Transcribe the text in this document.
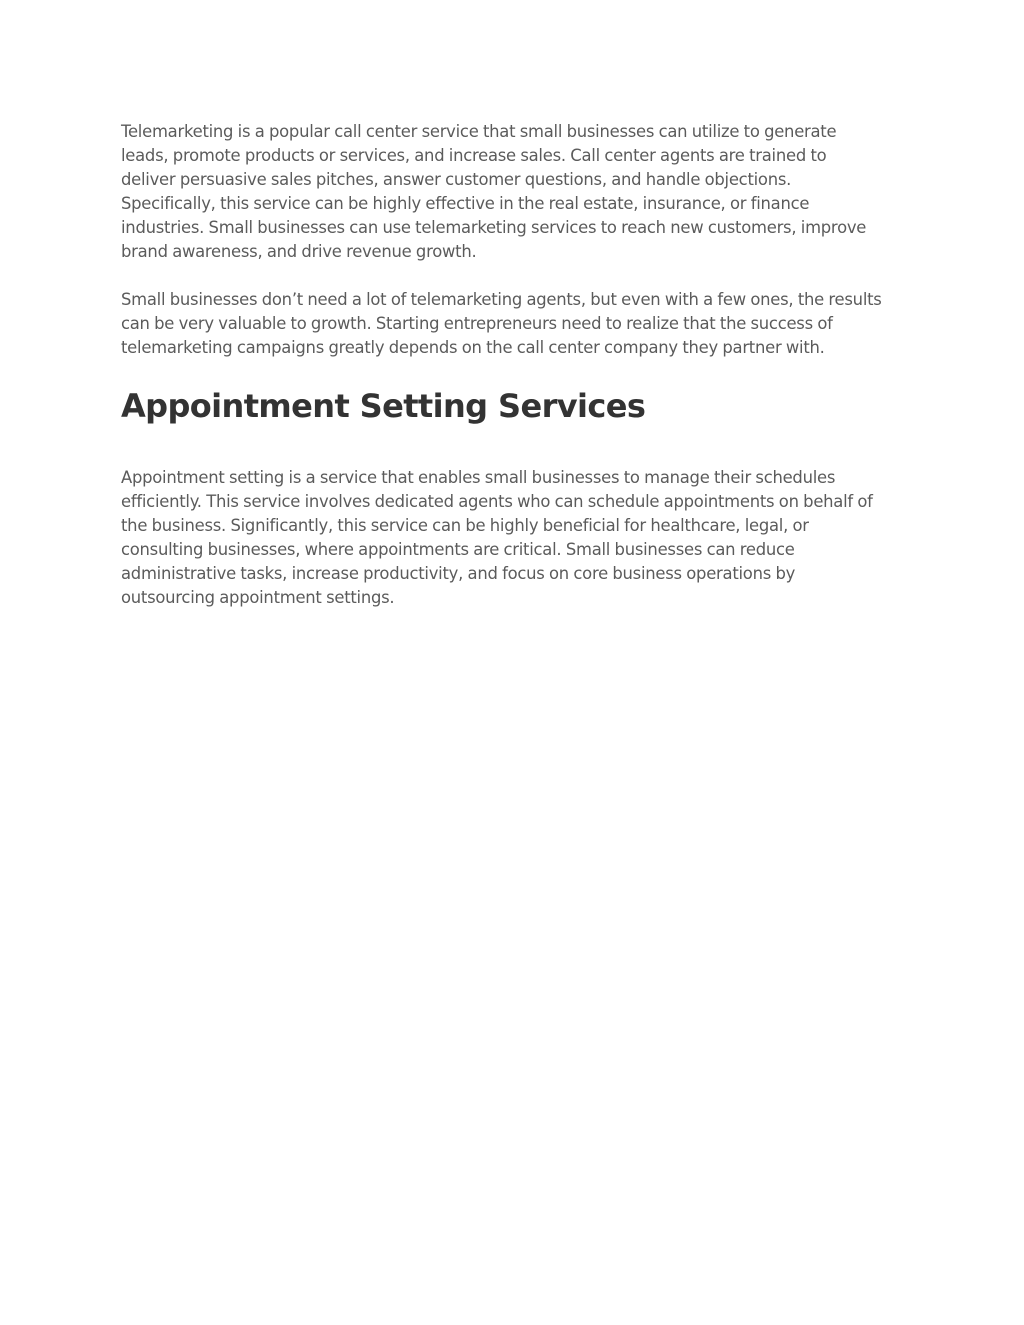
Telemarketing is a popular call center service that small businesses can utilize to generate
leads, promote products or services, and increase sales. Call center agents are trained to
deliver persuasive sales pitches, answer customer questions, and handle objections.
Specifically, this service can be highly effective in the real estate, insurance, or finance
industries. Small businesses can use telemarketing services to reach new customers, improve
brand awareness, and drive revenue growth.

Small businesses don’t need a lot of telemarketing agents, but even with a few ones, the results
can be very valuable to growth. Starting entrepreneurs need to realize that the success of
telemarketing campaigns greatly depends on the call center company they partner with.

Appointment Setting Services

Appointment setting is a service that enables small businesses to manage their schedules
efficiently. This service involves dedicated agents who can schedule appointments on behalf of
the business. Significantly, this service can be highly beneficial for healthcare, legal, or
consulting businesses, where appointments are critical. Small businesses can reduce
administrative tasks, increase productivity, and focus on core business operations by
outsourcing appointment settings.
